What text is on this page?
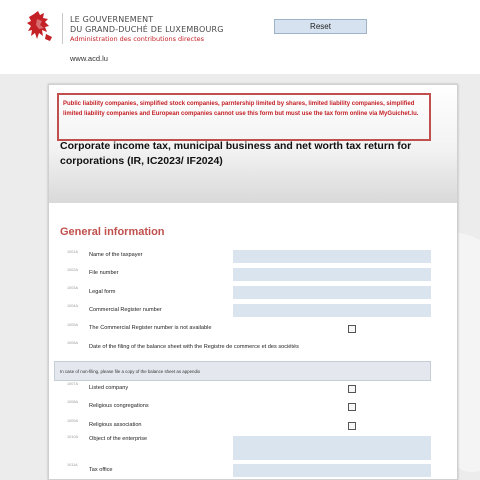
LE GOUVERNEMENT
DU GRAND-DUCHÉ DE LUXEMBOURG
Administration des contributions directes
www.acd.lu
Reset
Public liability companies, simplified stock companies, parntership limited by shares, limited liability companies, simplified limited liability companies and European companies cannot use this form but must use the tax form online via MyGuichet.lu.
Corporate income tax, municipal business and net worth tax return for corporations (IR, IC2023/ IF2024)
General information
1001A Name of the taxpayer
1002A File number
1003A
Legal form
1004A
Commercial Register number
1005A The Commercial Register number is not available
1006A
Date of the filing of the balance sheet with the Registre de commerce et des sociétés
In case of non-filing, please file a copy of the balance sheet as appendix
1007A
Listed company
1008A
Religious congregations
1009A
Religious association
1010A Object of the enterprise
1011A
Tax office
